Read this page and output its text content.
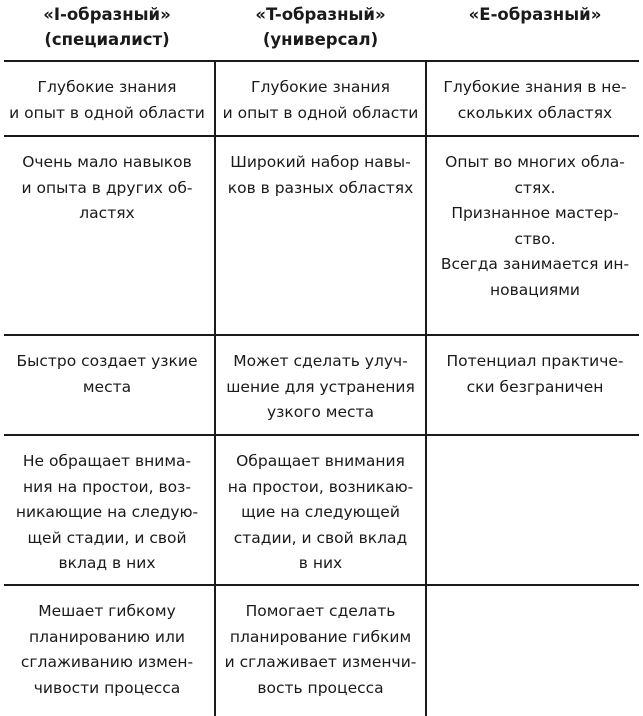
«I-образный»
(специалист)
«T-образный»
(универсал)
«E-образный»
Глубокие знания
и опыт в одной области
Глубокие знания
и опыт в одной области
Глубокие знания в не-
скольких областях
Очень мало навыков
и опыта в других об-
ластях
Широкий набор навы-
ков в разных областях
Опыт во многих обла-
стях.
Признанное мастер-
ство.
Всегда занимается ин-
новациями
Быстро создает узкие
места
Может сделать улуч-
шение для устранения
узкого места
Потенциал практиче-
ски безграничен
Не обращает внима-
ния на простои, воз-
никающие на следую-
щей стадии, и свой
вклад в них
Обращает внимания
на простои, возникаю-
щие на следующей
стадии, и свой вклад
в них
Мешает гибкому
планированию или
сглаживанию измен-
чивости процесса
Помогает сделать
планирование гибким
и сглаживает изменчи-
вость процесса
